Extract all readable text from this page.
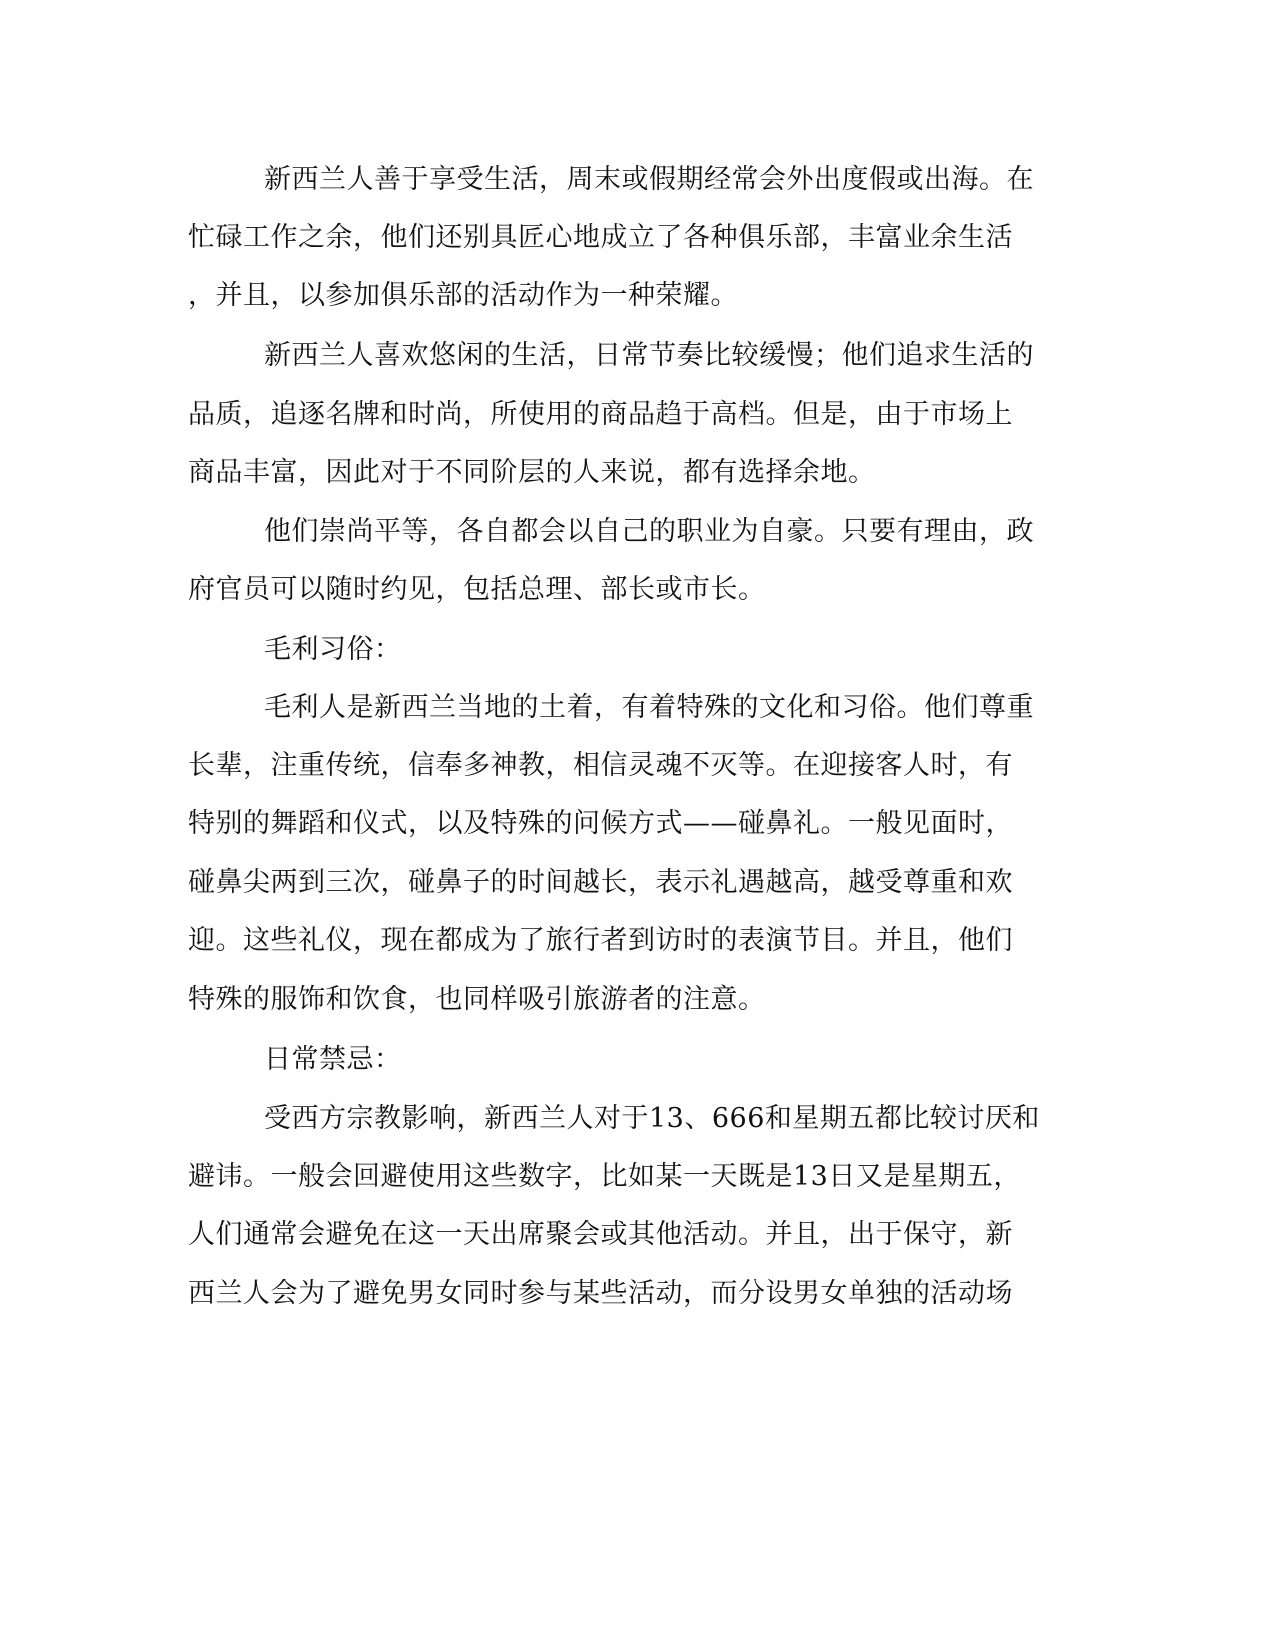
新西兰人善于享受生活，周末或假期经常会外出度假或出海。在
忙碌工作之余，他们还别具匠心地成立了各种俱乐部，丰富业余生活
，并且，以参加俱乐部的活动作为一种荣耀。
新西兰人喜欢悠闲的生活，日常节奏比较缓慢；他们追求生活的
品质，追逐名牌和时尚，所使用的商品趋于高档。但是，由于市场上
商品丰富，因此对于不同阶层的人来说，都有选择余地。
他们崇尚平等，各自都会以自己的职业为自豪。只要有理由，政
府官员可以随时约见，包括总理、部长或市长。
毛利习俗：
毛利人是新西兰当地的土着，有着特殊的文化和习俗。他们尊重
长辈，注重传统，信奉多神教，相信灵魂不灭等。在迎接客人时，有
特别的舞蹈和仪式，以及特殊的问候方式——碰鼻礼。一般见面时，
碰鼻尖两到三次，碰鼻子的时间越长，表示礼遇越高，越受尊重和欢
迎。这些礼仪，现在都成为了旅行者到访时的表演节目。并且，他们
特殊的服饰和饮食，也同样吸引旅游者的注意。
日常禁忌：
受西方宗教影响，新西兰人对于13、666和星期五都比较讨厌和
避讳。一般会回避使用这些数字，比如某一天既是13日又是星期五，
人们通常会避免在这一天出席聚会或其他活动。并且，出于保守，新
西兰人会为了避免男女同时参与某些活动，而分设男女单独的活动场
